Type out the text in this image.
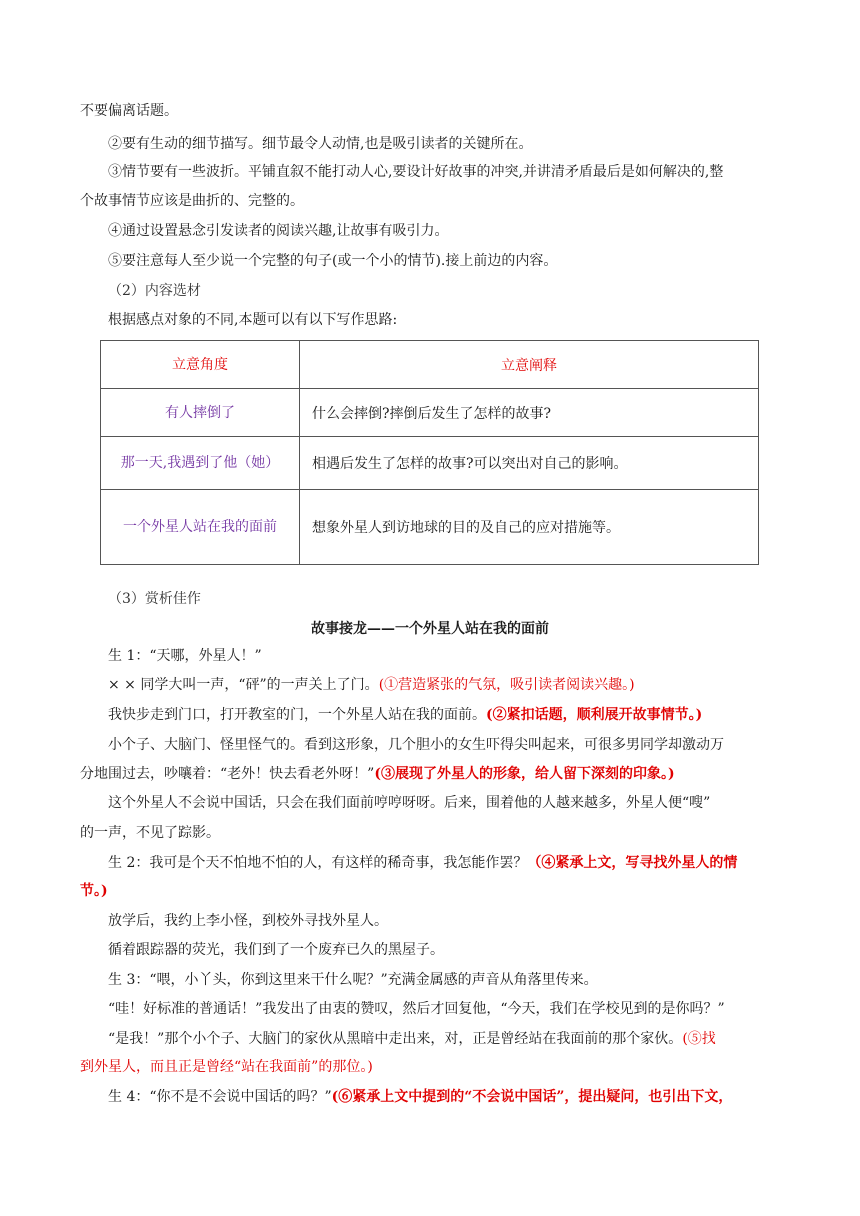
不要偏离话题。
②要有生动的细节描写。细节最令人动情,也是吸引读者的关键所在。
③情节要有一些波折。平铺直叙不能打动人心,要设计好故事的冲突,并讲清矛盾最后是如何解决的,整
个故事情节应该是曲折的、完整的。
④通过设置悬念引发读者的阅读兴趣,让故事有吸引力。
⑤要注意每人至少说一个完整的句子(或一个小的情节).接上前边的内容。
（2）内容选材
根据感点对象的不同,本题可以有以下写作思路:
立意角度	立意阐释
有人摔倒了	什么会摔倒?摔倒后发生了怎样的故事?
那一天,我遇到了他（她）	相遇后发生了怎样的故事?可以突出对自己的影响。
一个外星人站在我的面前	想象外星人到访地球的目的及自己的应对措施等。
（3）赏析佳作
故事接龙——一个外星人站在我的面前
生 1：“天哪，外星人！”
× × 同学大叫一声，“砰”的一声关上了门。(①营造紧张的气氛，吸引读者阅读兴趣。)
我快步走到门口，打开教室的门，一个外星人站在我的面前。(②紧扣话题，顺利展开故事情节。)
小个子、大脑门、怪里怪气的。看到这形象，几个胆小的女生吓得尖叫起来，可很多男同学却激动万
分地围过去，吵嚷着：“老外！快去看老外呀！”(③展现了外星人的形象，给人留下深刻的印象。)
这个外星人不会说中国话，只会在我们面前哼哼呀呀。后来，围着他的人越来越多，外星人便“嗖”
的一声，不见了踪影。
生 2：我可是个天不怕地不怕的人，有这样的稀奇事，我怎能作罢？（④紧承上文，写寻找外星人的情
节。)
放学后，我约上李小怪，到校外寻找外星人。
循着跟踪器的荧光，我们到了一个废弃已久的黑屋子。
生 3：“喂，小丫头，你到这里来干什么呢？”充满金属感的声音从角落里传来。
“哇！好标准的普通话！”我发出了由衷的赞叹，然后才回复他，“今天，我们在学校见到的是你吗？”
“是我！”那个小个子、大脑门的家伙从黑暗中走出来，对，正是曾经站在我面前的那个家伙。(⑤找
到外星人，而且正是曾经“站在我面前”的那位。)
生 4：“你不是不会说中国话的吗？”(⑥紧承上文中提到的“不会说中国话”，提出疑问，也引出下文，
